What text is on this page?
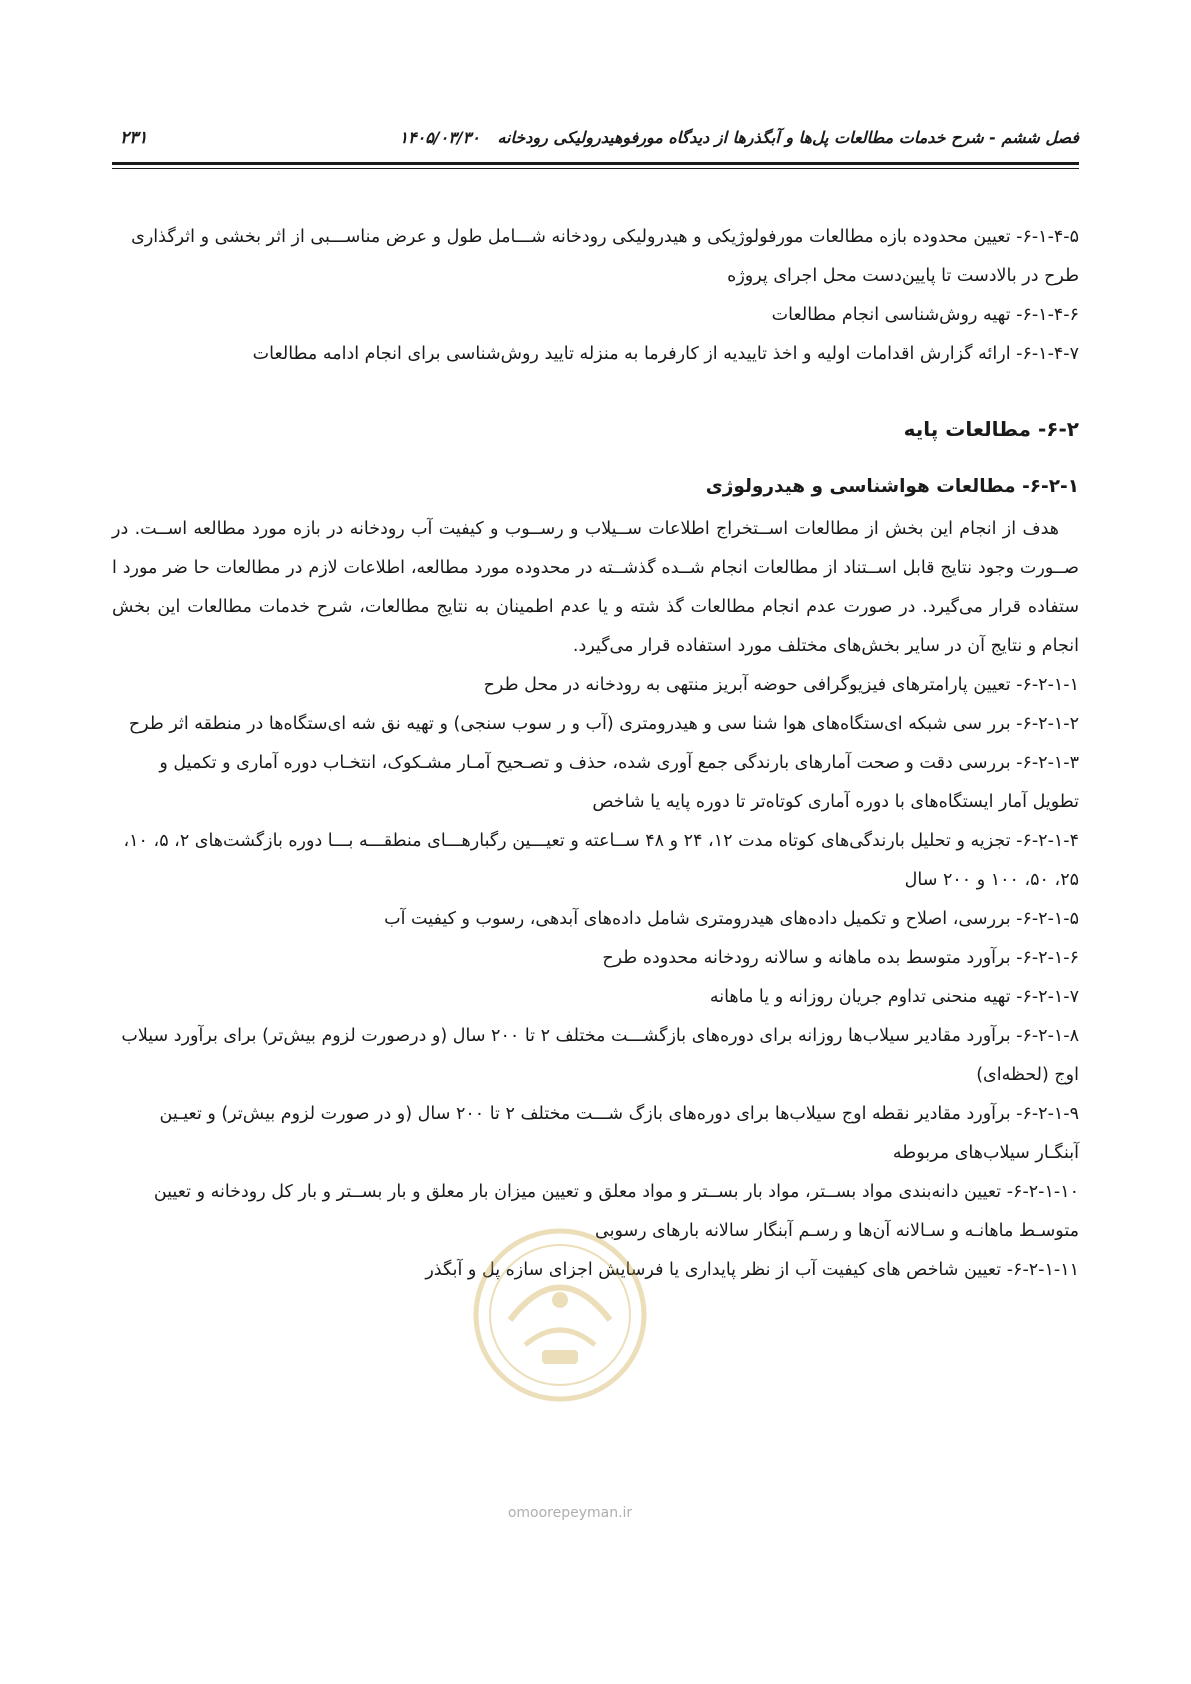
فصل ششم - شرح خدمات مطالعات پل‌ها و آبگذرها از دیدگاه مورفوهیدرولیکی رودخانه ۱۴۰۵/۰۳/۳۰
۲۳۱

۶-۱-۴-۵- تعیین محدوده بازه مطالعات مورفولوژیکی و هیدرولیکی رودخانه شـــامل طول و عرض مناســـبی از اثر بخشی و اثرگذاری طرح در بالادست تا پایین‌دست محل اجرای پروژه

۶-۱-۴-۶- تهیه روش‌شناسی انجام مطالعات

۶-۱-۴-۷- ارائه گزارش اقدامات اولیه و اخذ تاییدیه از کارفرما به منزله تایید روش‌شناسی برای انجام ادامه مطالعات

۶-۲- مطالعات پایه

۶-۲-۱- مطالعات هواشناسی و هیدرولوژی

هدف از انجام این بخش از مطالعات اســتخراج اطلاعات ســیلاب و رســوب و کیفیت آب رودخانه در بازه مورد مطالعه اســت. در صــورت وجود نتایج قابل اســتناد از مطالعات انجام شــده گذشــته در محدوده مورد مطالعه، اطلاعات لازم در مطالعات حا ضر مورد ا ستفاده قرار می‌گیرد. در صورت عدم انجام مطالعات گذ شته و یا عدم اطمینان به نتایج مطالعات، شرح خدمات مطالعات این بخش انجام و نتایج آن در سایر بخش‌های مختلف مورد استفاده قرار می‌گیرد.

۶-۲-۱-۱- تعیین پارامترهای فیزیوگرافی حوضه آبریز منتهی به رودخانه در محل طرح

۶-۲-۱-۲- برر سی شبکه ای‌ستگاه‌های هوا شنا سی و هیدرومتری (آب و ر سوب سنجی) و تهیه نق شه ای‌ستگاه‌ها در منطقه اثر طرح

۶-۲-۱-۳- بررسی دقت و صحت آمارهای بارندگی جمع آوری شده، حذف و تصـحیح آمـار مشـکوک، انتخـاب دوره آماری و تکمیل و تطویل آمار ایستگاه‌های با دوره آماری کوتاه‌تر تا دوره پایه یا شاخص

۶-۲-۱-۴- تجزیه و تحلیل بارندگی‌های کوتاه مدت ۱۲، ۲۴ و ۴۸ ســاعته و تعیـــین رگبارهـــای منطقـــه بـــا دوره بازگشت‌های ۲، ۵، ۱۰، ۲۵، ۵۰، ۱۰۰ و ۲۰۰ سال

۶-۲-۱-۵- بررسی، اصلاح و تکمیل داده‌های هیدرومتری شامل داده‌های آبدهی، رسوب و کیفیت آب

۶-۲-۱-۶- برآورد متوسط بده ماهانه و سالانه رودخانه محدوده طرح

۶-۲-۱-۷- تهیه منحنی تداوم جریان روزانه و یا ماهانه

۶-۲-۱-۸- برآورد مقادیر سیلاب‌ها روزانه برای دوره‌های بازگشـــت مختلف ۲ تا ۲۰۰ سال (و درصورت لزوم بیش‌تر) برای برآورد سیلاب اوج (لحظه‌ای)

۶-۲-۱-۹- برآورد مقادیر نقطه اوج سیلاب‌ها برای دوره‌های بازگ شـــت مختلف ۲ تا ۲۰۰ سال (و در صورت لزوم بیش‌تر) و تعیـین آبنگـار سیلاب‌های مربوطه

۶-۲-۱-۱۰- تعیین دانه‌بندی مواد بســتر، مواد بار بســتر و مواد معلق و تعیین میزان بار معلق و بار بســتر و بار کل رودخانه و تعیین متوسـط ماهانـه و سـالانه آن‌ها و رسـم آبنگار سالانه بارهای رسوبی

۶-۲-۱-۱۱- تعیین شاخص های کیفیت آب از نظر پایداری یا فرسایش اجزای سازه پل و آبگذر

omoorepeyman.ir
